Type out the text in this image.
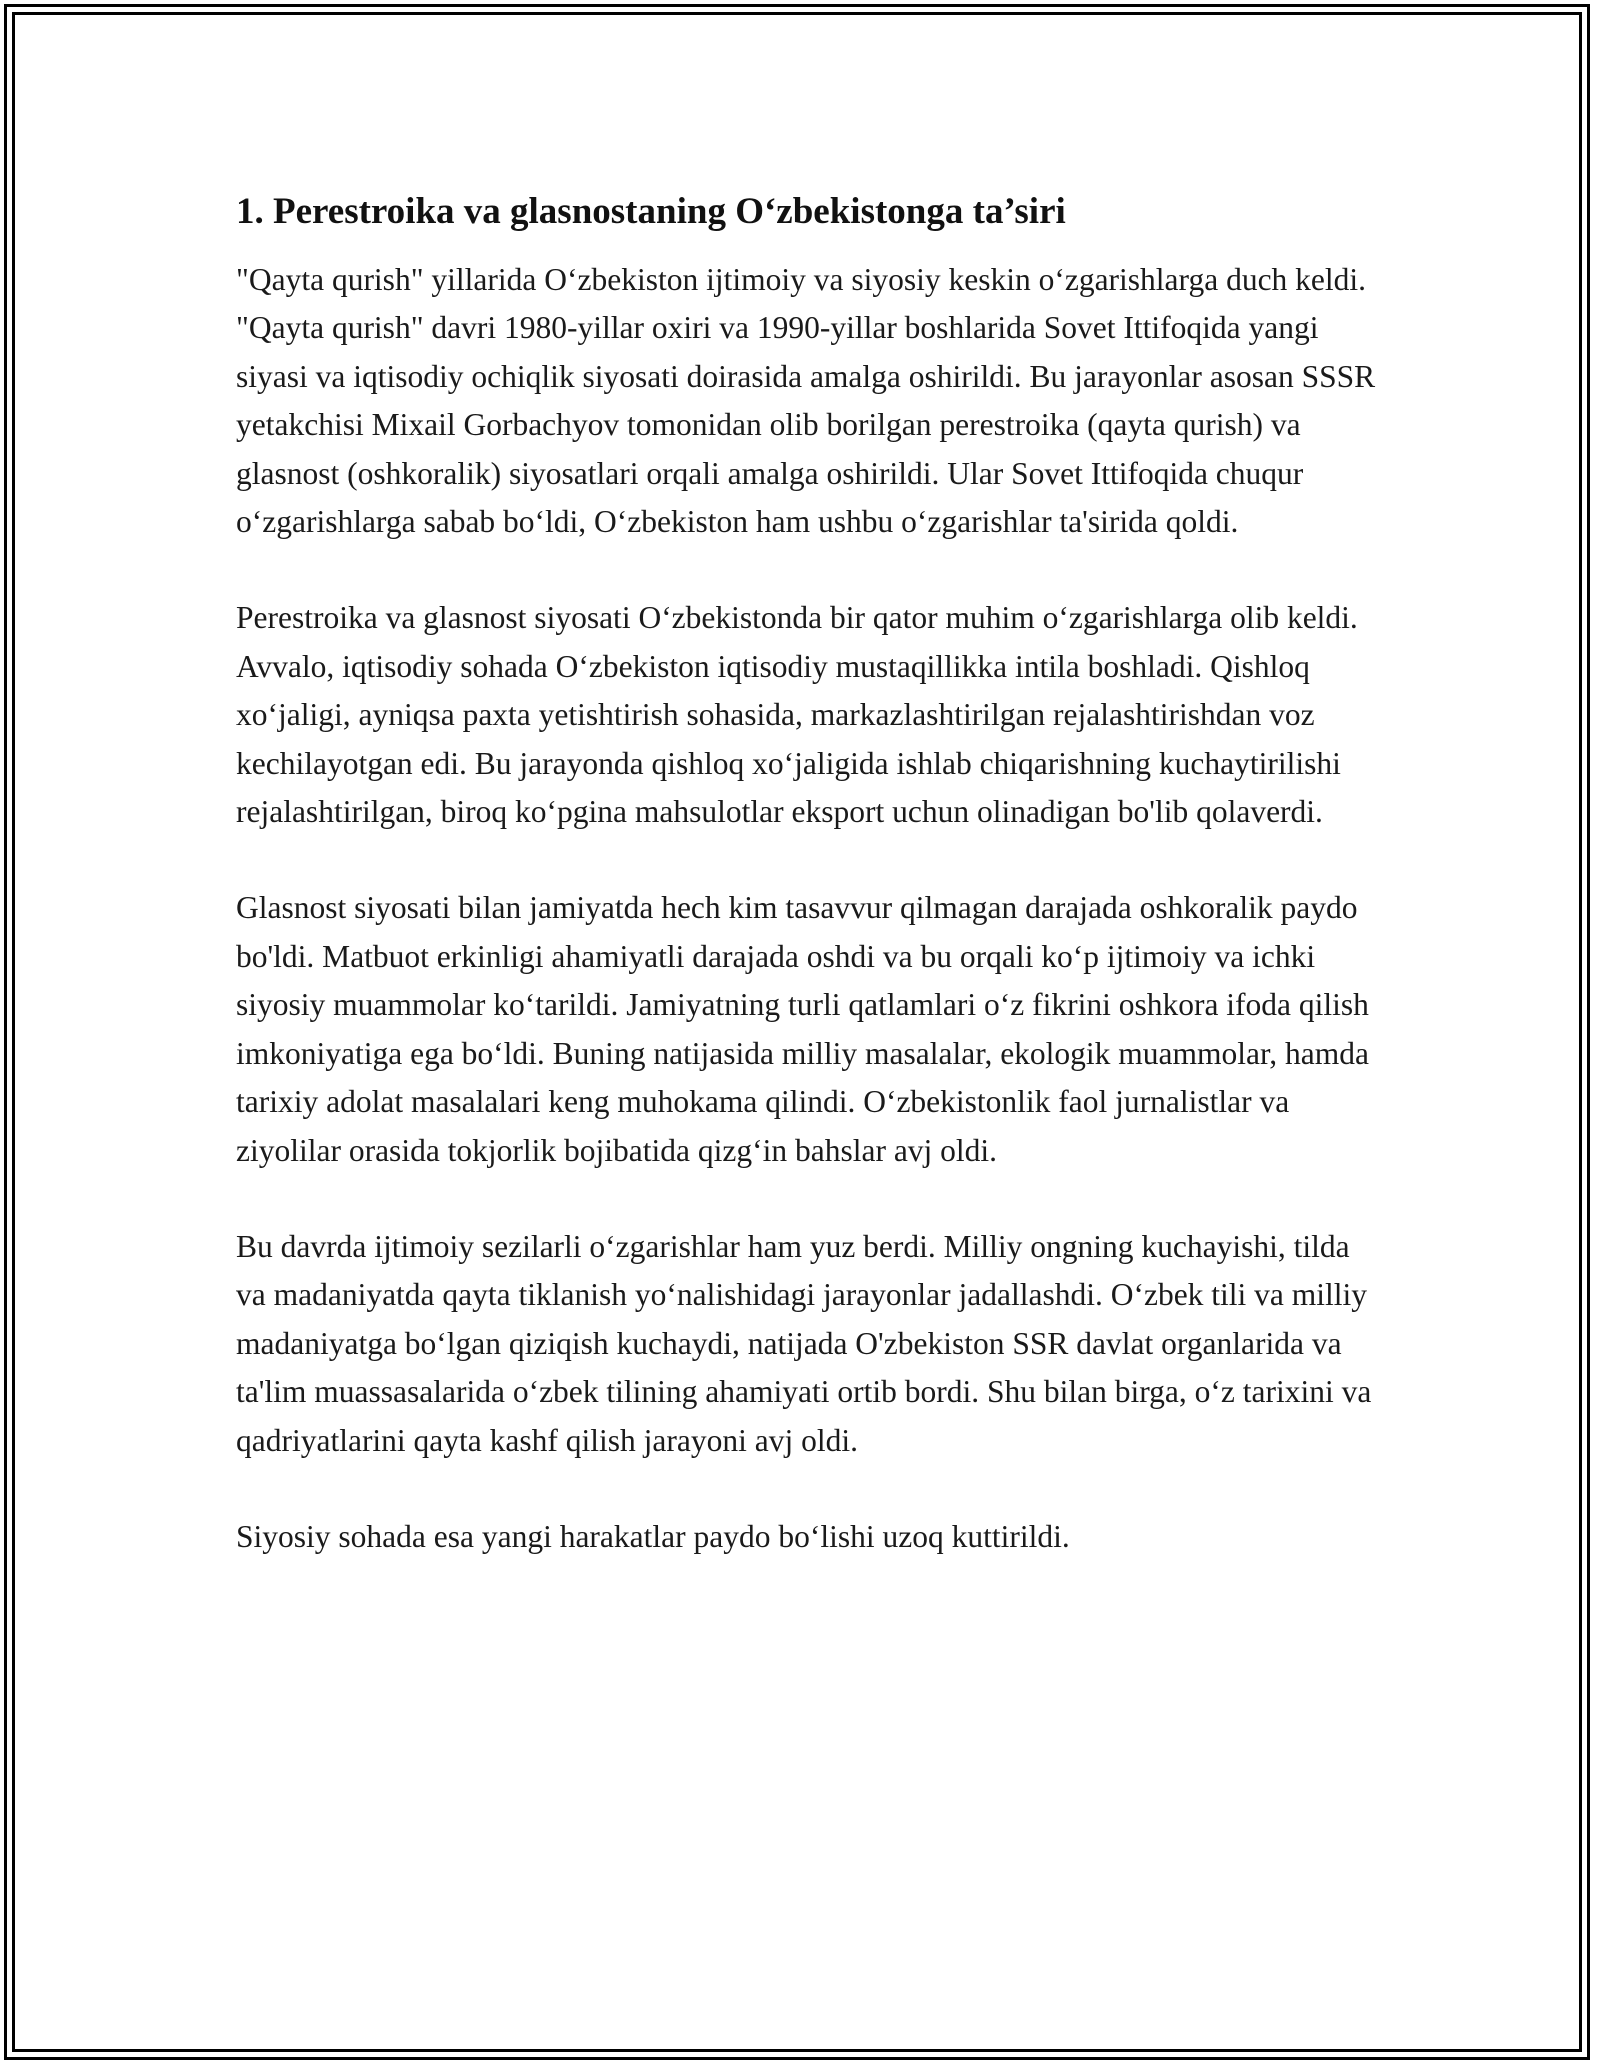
1. Perestroika va glasnostaning O‘zbekistonga ta’siri

"Qayta qurish" yillarida O‘zbekiston ijtimoiy va siyosiy keskin o‘zgarishlarga duch keldi. "Qayta qurish" davri 1980-yillar oxiri va 1990-yillar boshlarida Sovet Ittifoqida yangi siyasi va iqtisodiy ochiqlik siyosati doirasida amalga oshirildi. Bu jarayonlar asosan SSSR yetakchisi Mixail Gorbachyov tomonidan olib borilgan perestroika (qayta qurish) va glasnost (oshkoralik) siyosatlari orqali amalga oshirildi. Ular Sovet Ittifoqida chuqur o‘zgarishlarga sabab bo‘ldi, O‘zbekiston ham ushbu o‘zgarishlar ta'sirida qoldi.

Perestroika va glasnost siyosati O‘zbekistonda bir qator muhim o‘zgarishlarga olib keldi. Avvalo, iqtisodiy sohada O‘zbekiston iqtisodiy mustaqillikka intila boshladi. Qishloq xo‘jaligi, ayniqsa paxta yetishtirish sohasida, markazlashtirilgan rejalashtirishdan voz kechilayotgan edi. Bu jarayonda qishloq xo‘jaligida ishlab chiqarishning kuchaytirilishi rejalashtirilgan, biroq ko‘pgina mahsulotlar eksport uchun olinadigan bo'lib qolaverdi.

Glasnost siyosati bilan jamiyatda hech kim tasavvur qilmagan darajada oshkoralik paydo bo'ldi. Matbuot erkinligi ahamiyatli darajada oshdi va bu orqali ko‘p ijtimoiy va ichki siyosiy muammolar ko‘tarildi. Jamiyatning turli qatlamlari o‘z fikrini oshkora ifoda qilish imkoniyatiga ega bo‘ldi. Buning natijasida milliy masalalar, ekologik muammolar, hamda tarixiy adolat masalalari keng muhokama qilindi. O‘zbekistonlik faol jurnalistlar va ziyolilar orasida tokjorlik bojibatida qizg‘in bahslar avj oldi.

Bu davrda ijtimoiy sezilarli o‘zgarishlar ham yuz berdi. Milliy ongning kuchayishi, tilda va madaniyatda qayta tiklanish yo‘nalishidagi jarayonlar jadallashdi. O‘zbek tili va milliy madaniyatga bo‘lgan qiziqish kuchaydi, natijada O'zbekiston SSR davlat organlarida va ta'lim muassasalarida o‘zbek tilining ahamiyati ortib bordi. Shu bilan birga, o‘z tarixini va qadriyatlarini qayta kashf qilish jarayoni avj oldi.

Siyosiy sohada esa yangi harakatlar paydo bo‘lishi uzoq kuttirildi.
